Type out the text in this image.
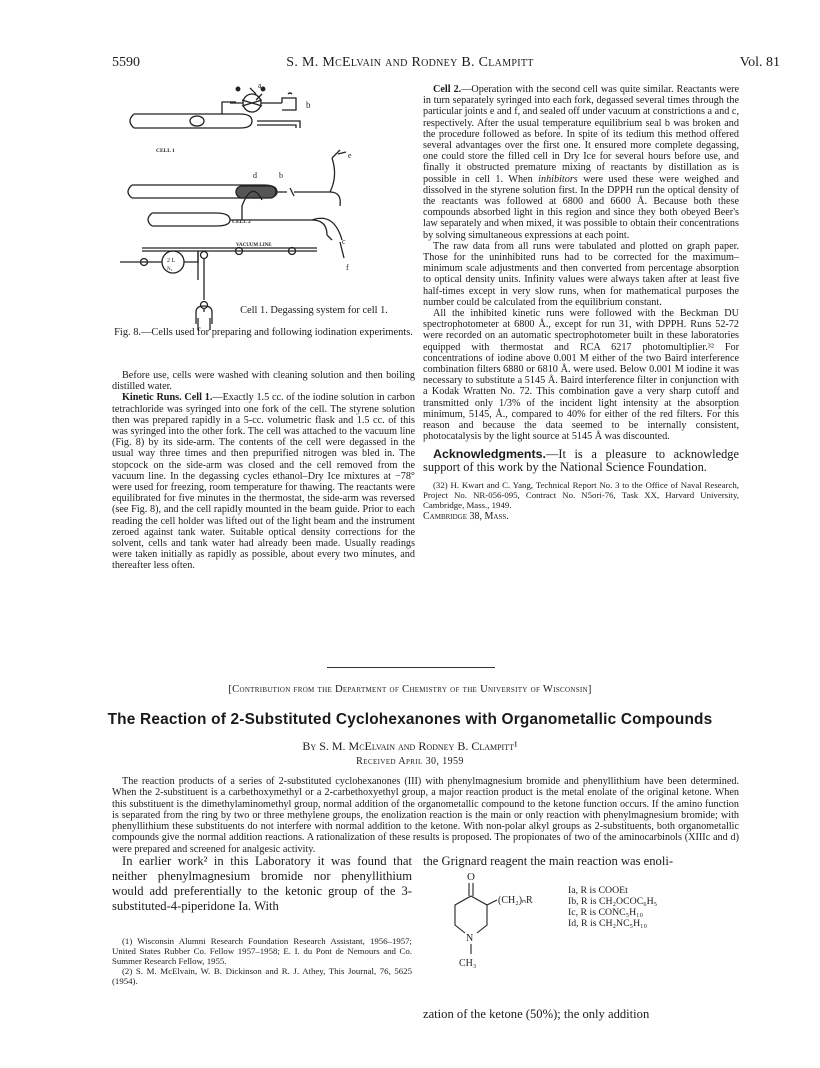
5590	S. M. McElvain and Rodney B. Clampitt	Vol. 81
a
b
CELL 1
d	b
e
c
f
CELL 2
VACUUM LINE
2 L
N₂
Cell 1. Degassing system for cell 1.
Fig. 8.—Cells used for preparing and following iodination experiments.

Before use, cells were washed with cleaning solution and then boiling distilled water.

Kinetic Runs. Cell 1.—Exactly 1.5 cc. of the iodine solution in carbon tetrachloride was syringed into one fork of the cell. The styrene solution then was prepared rapidly in a 5-cc. volumetric flask and 1.5 cc. of this was syringed into the other fork. The cell was attached to the vacuum line (Fig. 8) by its side-arm. The contents of the cell were degassed in the usual way three times and then prepurified nitrogen was bled in. The stopcock on the side-arm was closed and the cell removed from the vacuum line. In the degassing cycles ethanol–Dry Ice mixtures at −78° were used for freezing, room temperature for thawing. The reactants were equilibrated for five minutes in the thermostat, the side-arm was reversed (see Fig. 8), and the cell rapidly mounted in the beam guide. Prior to each reading the cell holder was lifted out of the light beam and the instrument zeroed against tank water. Suitable optical density corrections for the solvent, cells and tank water had already been made. Usually readings were taken initially as rapidly as possible, about every two minutes, and thereafter less often.

Cell 2.—Operation with the second cell was quite similar. Reactants were in turn separately syringed into each fork, degassed several times through the particular joints e and f, and sealed off under vacuum at constrictions a and c, respectively. After the usual temperature equilibrium seal b was broken and the procedure followed as before. In spite of its tedium this method offered several advantages over the first one. It ensured more complete degassing, one could store the filled cell in Dry Ice for several hours before use, and finally it obstructed premature mixing of reactants by distillation as is possible in cell 1. When inhibitors were used these were weighed and dissolved in the styrene solution first. In the DPPH run the optical density of the reactants was followed at 6800 and 6600 Å. Because both these compounds absorbed light in this region and since they both obeyed Beer's law separately and when mixed, it was possible to obtain their concentrations by solving simultaneous expressions at each point.

The raw data from all runs were tabulated and plotted on graph paper. Those for the uninhibited runs had to be corrected for the maximum–minimum scale adjustments and then converted from percentage absorption to optical density units. Infinity values were always taken after at least five half-times except in very slow runs, when for mathematical purposes the number could be calculated from the equilibrium constant.

All the inhibited kinetic runs were followed with the Beckman DU spectrophotometer at 6800 Å., except for run 31, with DPPH. Runs 52-72 were recorded on an automatic spectrophotometer built in these laboratories equipped with thermostat and RCA 6217 photomultiplier.³² For concentrations of iodine above 0.001 M either of the two Baird interference combination filters 6880 or 6810 Å. were used. Below 0.001 M iodine it was necessary to substitute a 5145 Å. Baird interference filter in conjunction with a Kodak Wratten No. 72. This combination gave a very sharp cutoff and transmitted only 1/3% of the incident light intensity at the absorption minimum, 5145, Å., compared to 40% for either of the red filters. For this reason and because the data seemed to be internally consistent, photocatalysis by the light source at 5145 Å was discounted.

Acknowledgments.—It is a pleasure to acknowledge support of this work by the National Science Foundation.

(32) H. Kwart and C. Yang, Technical Report No. 3 to the Office of Naval Research, Project No. NR-056-095, Contract No. N5ori-76, Task XX, Harvard University, Cambridge, Mass., 1949.

Cambridge 38, Mass.

[Contribution from the Department of Chemistry of the University of Wisconsin]
The Reaction of 2-Substituted Cyclohexanones with Organometallic Compounds
By S. M. McElvain and Rodney B. Clampitt¹
Received April 30, 1959
The reaction products of a series of 2-substituted cyclohexanones (III) with phenylmagnesium bromide and phenyllithium have been determined. When the 2-substituent is a carbethoxymethyl or a 2-carbethoxyethyl group, a major reaction product is the metal enolate of the original ketone. When this substituent is the dimethylaminomethyl group, normal addition of the organometallic compound to the ketone function occurs. If the amino function is separated from the ring by two or three methylene groups, the enolization reaction is the main or only reaction with phenylmagnesium bromide; with phenyllithium these substituents do not interfere with normal addition to the ketone. With non-polar alkyl groups as 2-substituents, both organometallic compounds give the normal addition reactions. A rationalization of these results is proposed. The propionates of two of the aminocarbinols (XIIIc and d) were prepared and screened for analgesic activity.
In earlier work² in this Laboratory it was found that neither phenylmagnesium bromide nor phenyllithium would add preferentially to the ketonic group of the 3-substituted-4-piperidone Ia. With

(1) Wisconsin Alumni Research Foundation Research Assistant, 1956–1957; United States Rubber Co. Fellow 1957–1958; E. I. du Pont de Nemours and Co. Summer Research Fellow, 1955.

(2) S. M. McElvain, W. B. Dickinson and R. J. Athey, This Journal, 76, 5625 (1954).

the Grignard reagent the main reaction was enoli-
O
(CH₂)ₙR
N
CH₃
Ia, R is COOEt
Ib, R is CH₂OCOC₆H₅
Ic, R is CONC₅H₁₀
Id, R is CH₂NC₅H₁₀
zation of the ketone (50%); the only addition
